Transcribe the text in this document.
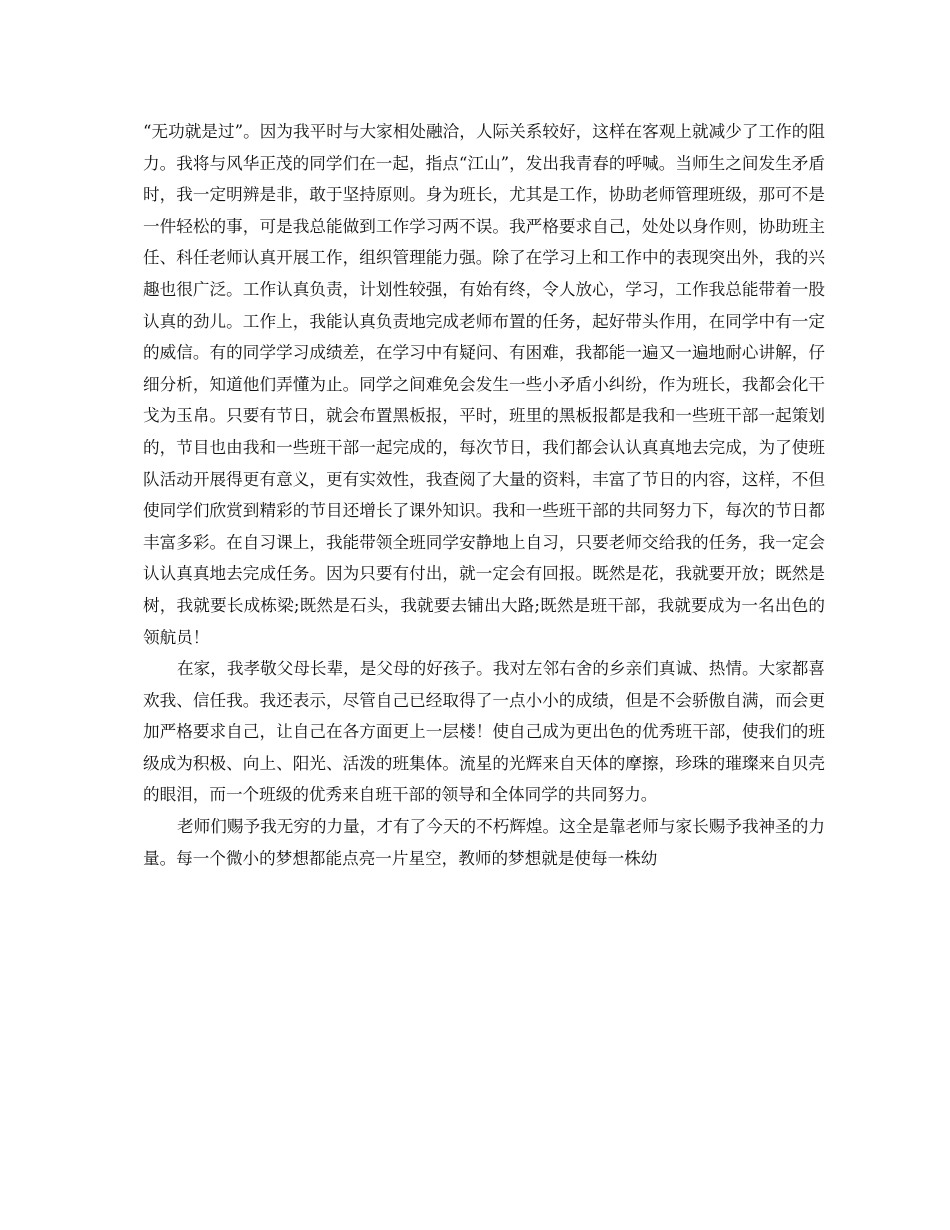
“无功就是过”。因为我平时与大家相处融洽，人际关系较好，这样在客观上就减少了工作的阻力。我将与风华正茂的同学们在一起，指点“江山”，发出我青春的呼喊。当师生之间发生矛盾时，我一定明辨是非，敢于坚持原则。身为班长，尤其是工作，协助老师管理班级，那可不是一件轻松的事，可是我总能做到工作学习两不误。我严格要求自己，处处以身作则，协助班主任、科任老师认真开展工作，组织管理能力强。除了在学习上和工作中的表现突出外，我的兴趣也很广泛。工作认真负责，计划性较强，有始有终，令人放心，学习，工作我总能带着一股认真的劲儿。工作上，我能认真负责地完成老师布置的任务，起好带头作用，在同学中有一定的威信。有的同学学习成绩差，在学习中有疑问、有困难，我都能一遍又一遍地耐心讲解，仔细分析，知道他们弄懂为止。同学之间难免会发生一些小矛盾小纠纷，作为班长，我都会化干戈为玉帛。只要有节日，就会布置黑板报，平时，班里的黑板报都是我和一些班干部一起策划的，节目也由我和一些班干部一起完成的，每次节日，我们都会认认真真地去完成，为了使班队活动开展得更有意义，更有实效性，我查阅了大量的资料，丰富了节日的内容，这样，不但使同学们欣赏到精彩的节目还增长了课外知识。我和一些班干部的共同努力下，每次的节日都丰富多彩。在自习课上，我能带领全班同学安静地上自习，只要老师交给我的任务，我一定会认认真真地去完成任务。因为只要有付出，就一定会有回报。既然是花，我就要开放；既然是树，我就要长成栋梁;既然是石头，我就要去铺出大路;既然是班干部，我就要成为一名出色的领航员！

在家，我孝敬父母长辈，是父母的好孩子。我对左邻右舍的乡亲们真诚、热情。大家都喜欢我、信任我。我还表示，尽管自己已经取得了一点小小的成绩，但是不会骄傲自满，而会更加严格要求自己，让自己在各方面更上一层楼！使自己成为更出色的优秀班干部，使我们的班级成为积极、向上、阳光、活泼的班集体。流星的光辉来自天体的摩擦，珍珠的璀璨来自贝壳的眼泪，而一个班级的优秀来自班干部的领导和全体同学的共同努力。

老师们赐予我无穷的力量，才有了今天的不朽辉煌。这全是靠老师与家长赐予我神圣的力量。每一个微小的梦想都能点亮一片星空，教师的梦想就是使每一株幼
